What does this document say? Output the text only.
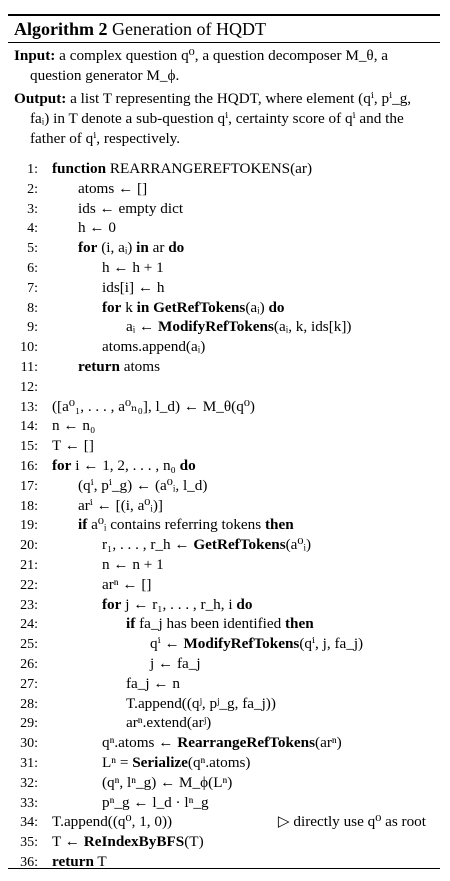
Algorithm 2 Generation of HQDT
Input: a complex question q⁰, a question decomposer M_θ, a question generator M_ϕ.
Output: a list T representing the HQDT, where element (qⁱ, pⁱ_g, faᵢ) in T denote a sub-question qⁱ, certainty score of qⁱ and the father of qⁱ, respectively.
1: function REARRANGEREFTOKENS(ar)
2:	atoms ← []
3:	ids ← empty dict
4:	h ← 0
5:	for (i, aᵢ) in ar do
6:	h ← h + 1
7:	ids[i] ← h
8:	for k in GetRefTokens(aᵢ) do
9:	aᵢ ← ModifyRefTokens(aᵢ, k, ids[k])
10:	atoms.append(aᵢ)
11:	return atoms
12:
13: ([a⁰₁, . . . , a⁰ₙ₀], l_d) ← M_θ(q⁰)
14: n ← n₀
15: T ← []
16: for i ← 1, 2, . . . , n₀ do
17:	(qⁱ, pⁱ_g) ← (a⁰ᵢ, l_d)
18:	arⁱ ← [(i, a⁰ᵢ)]
19:	if a⁰ᵢ contains referring tokens then
20:	r₁, . . . , r_h ← GetRefTokens(a⁰ᵢ)
21:	n ← n + 1
22:	arⁿ ← []
23:	for j ← r₁, . . . , r_h, i do
24:	if fa_j has been identified then
25:	qⁱ ← ModifyRefTokens(qⁱ, j, fa_j)
26:	j ← fa_j
27:	fa_j ← n
28:	T.append((qʲ, pʲ_g, fa_j))
29:	arⁿ.extend(arʲ)
30:	qⁿ.atoms ← RearrangeRefTokens(arⁿ)
31:	Lⁿ = Serialize(qⁿ.atoms)
32:	(qⁿ, lⁿ_g) ← M_ϕ(Lⁿ)
33:	pⁿ_g ← l_d · lⁿ_g
34: T.append((q⁰, 1, 0))	▷ directly use q⁰ as root
35: T ← ReIndexByBFS(T)
36: return T
